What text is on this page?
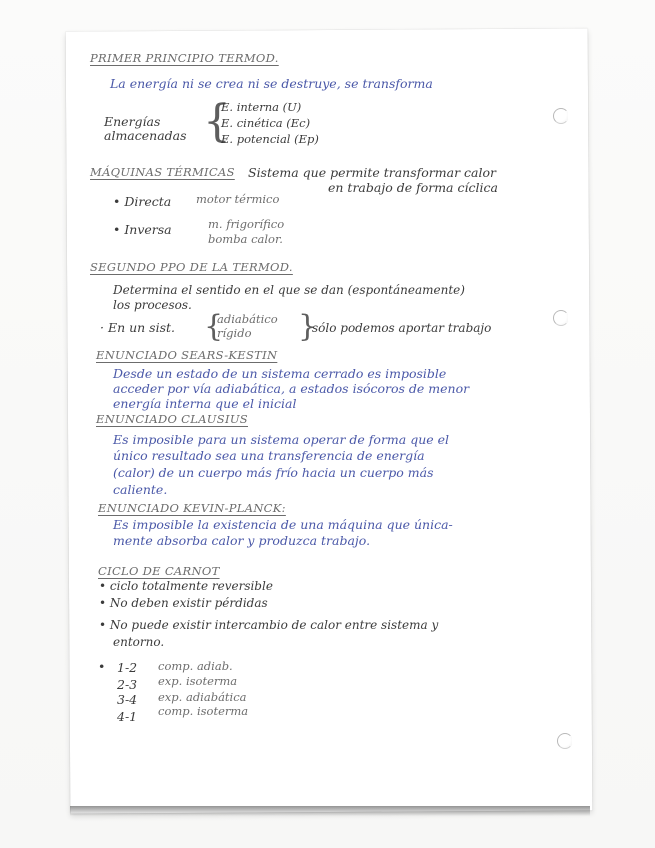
PRIMER PRINCIPIO TERMOD.
La energía ni se crea ni se destruye, se transforma
Energías
almacenadas {
E. interna (U)
E. cinética (Ec)
E. potencial (Ep)
MÁQUINAS TÉRMICAS Sistema que permite transformar calor
en trabajo de forma cíclica
• Directa motor térmico
• Inversa	m. frigorífico
bomba calor.
SEGUNDO PPO DE LA TERMOD.
Determina el sentido en el que se dan (espontáneamente)
los procesos.
· En un sist. {
adiabático
rígido }
sólo podemos aportar trabajo
ENUNCIADO SEARS-KESTIN
Desde un estado de un sistema cerrado es imposible
acceder por vía adiabática, a estados isócoros de menor
energía interna que el inicial
ENUNCIADO CLAUSIUS
Es imposible para un sistema operar de forma que el
único resultado sea una transferencia de energía
(calor) de un cuerpo más frío hacia un cuerpo más
caliente.
ENUNCIADO KEVIN-PLANCK:
Es imposible la existencia de una máquina que única-
mente absorba calor y produzca trabajo.
CICLO DE CARNOT
• ciclo totalmente reversible
• No deben existir pérdidas
• No puede existir intercambio de calor entre sistema y
entorno.
• 1-2 comp. adiab.
2-3 exp. isoterma
3-4 exp. adiabática
4-1 comp. isoterma
